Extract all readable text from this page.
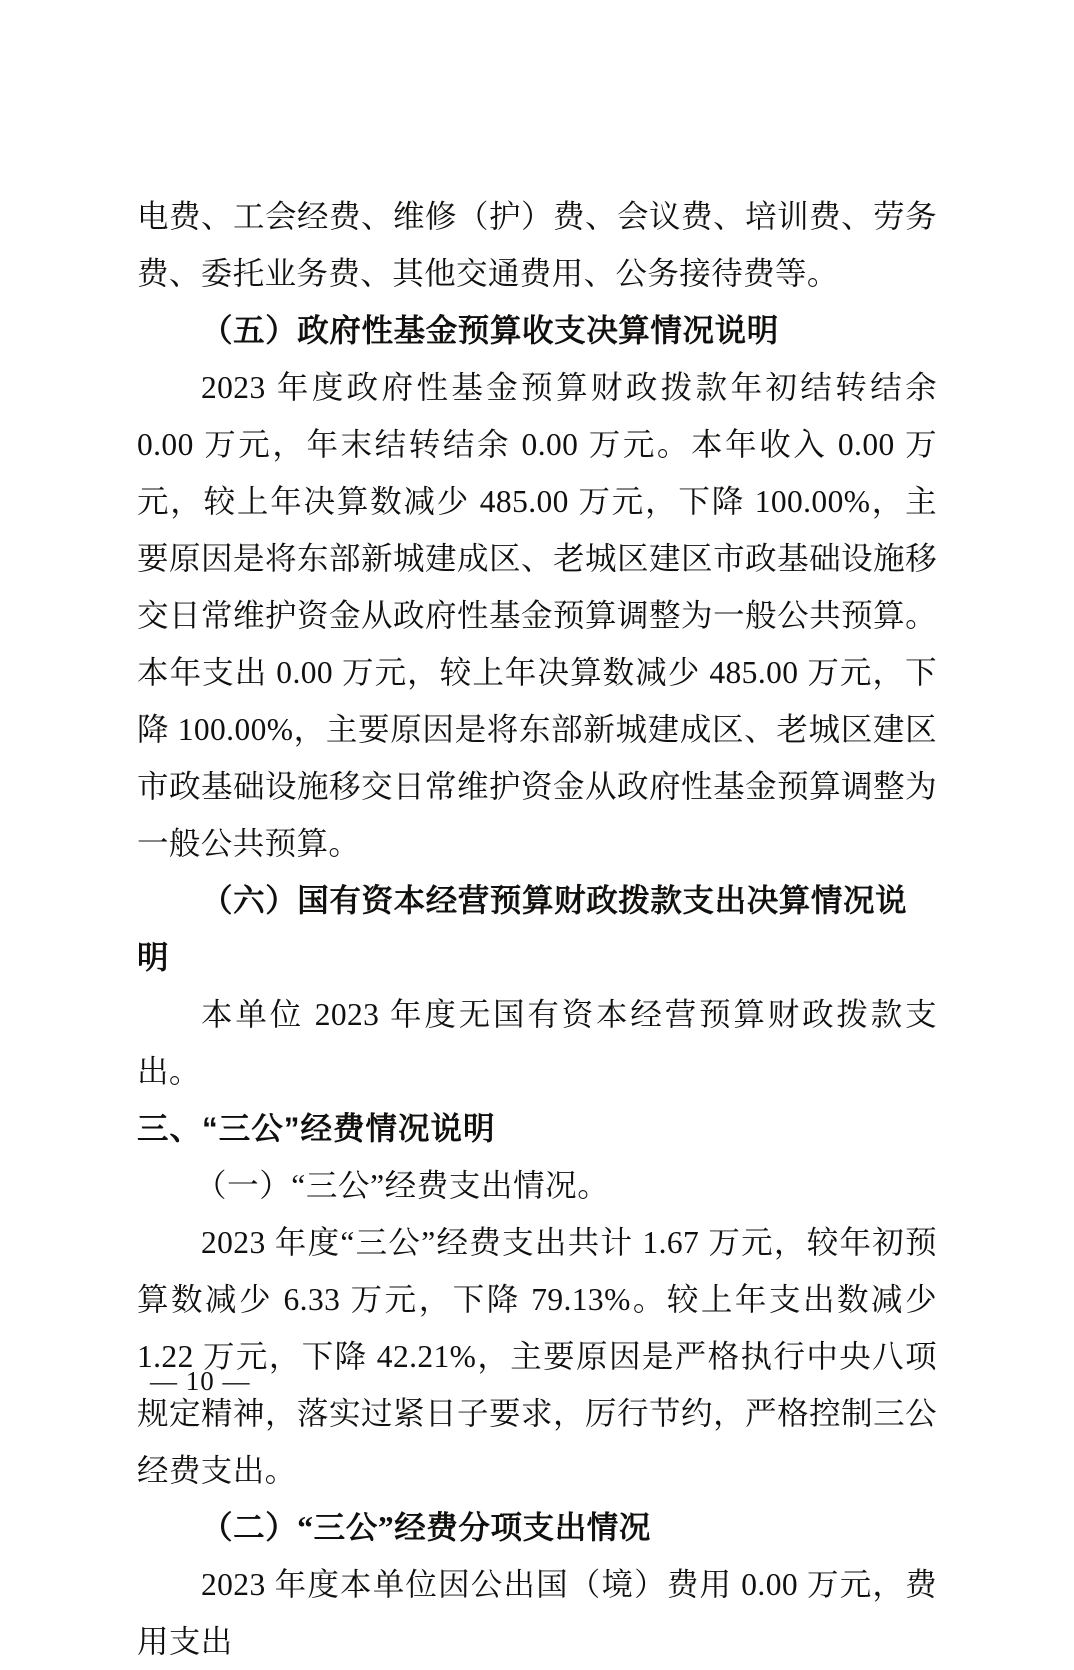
电费、工会经费、维修（护）费、会议费、培训费、劳务费、委托业务费、其他交通费用、公务接待费等。

（五）政府性基金预算收支决算情况说明

2023 年度政府性基金预算财政拨款年初结转结余 0.00 万元，年末结转结余 0.00 万元。本年收入 0.00 万元，较上年决算数减少 485.00 万元，下降 100.00%，主要原因是将东部新城建成区、老城区建区市政基础设施移交日常维护资金从政府性基金预算调整为一般公共预算。本年支出 0.00 万元，较上年决算数减少 485.00 万元，下降 100.00%，主要原因是将东部新城建成区、老城区建区市政基础设施移交日常维护资金从政府性基金预算调整为一般公共预算。

（六）国有资本经营预算财政拨款支出决算情况说明

本单位 2023 年度无国有资本经营预算财政拨款支出。

三、“三公”经费情况说明

（一）“三公”经费支出情况。

2023 年度“三公”经费支出共计 1.67 万元，较年初预算数减少 6.33 万元，下降 79.13%。较上年支出数减少 1.22 万元，下降 42.21%，主要原因是严格执行中央八项规定精神，落实过紧日子要求，厉行节约，严格控制三公经费支出。

（二）“三公”经费分项支出情况

2023 年度本单位因公出国（境）费用 0.00 万元，费用支出

— 10 —
